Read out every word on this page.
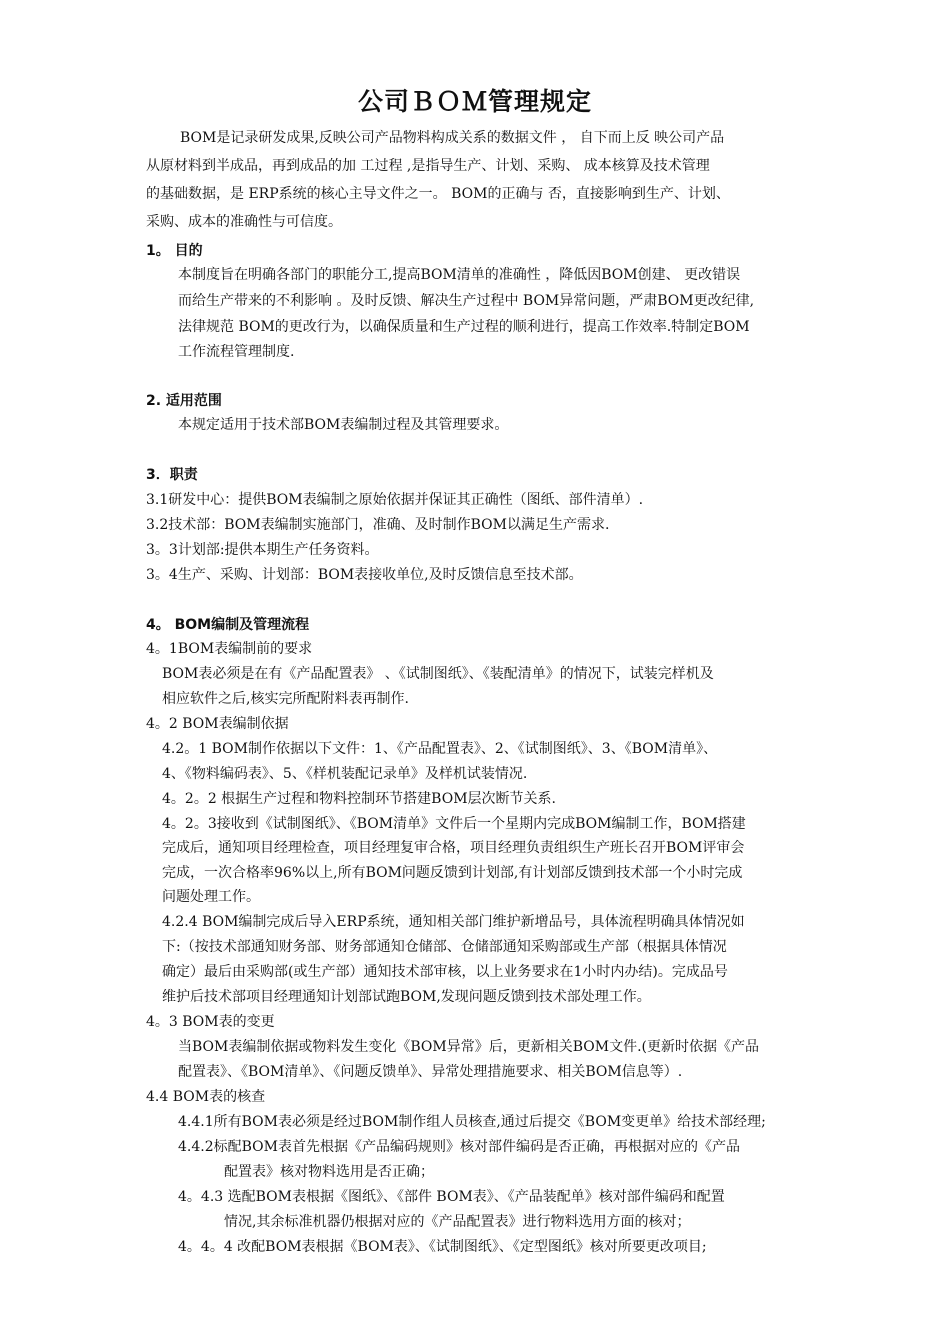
公司ＢＯＭ管理规定
BOM是记录研发成果,反映公司产品物料构成关系的数据文件 ， 自下而上反 映公司产品
从原材料到半成品，再到成品的加 工过程 ,是指导生产、计划、采购、 成本核算及技术管理
的基础数据，是 ERP系统的核心主导文件之一。 BOM的正确与 否，直接影响到生产、计划、
采购、成本的准确性与可信度。
1。 目的
本制度旨在明确各部门的职能分工,提高BOM清单的准确性 ，降低因BOM创建、 更改错误
而给生产带来的不利影响 。及时反馈、解决生产过程中 BOM异常问题，严肃BOM更改纪律,
法律规范 BOM的更改行为，以确保质量和生产过程的顺利进行，提高工作效率.特制定BOM
工作流程管理制度.
2. 适用范围
本规定适用于技术部BOM表编制过程及其管理要求。
3．职责
3.1研发中心：提供BOM表编制之原始依据并保证其正确性（图纸、部件清单）.
3.2技术部：BOM表编制实施部门，准确、及时制作BOM以满足生产需求.
3。3计划部:提供本期生产任务资料。
3。4生产、采购、计划部：BOM表接收单位,及时反馈信息至技术部。
4。 BOM编制及管理流程
4。1BOM表编制前的要求
BOM表必须是在有《产品配置表》 、《试制图纸》、《装配清单》的情况下，试装完样机及
相应软件之后,核实完所配附料表再制作.
4。2 BOM表编制依据
4.2。1 BOM制作依据以下文件：1、《产品配置表》、2、《试制图纸》、3、《BOM清单》、
4、《物料编码表》、5、《样机装配记录单》及样机试装情况.
4。2。2 根据生产过程和物料控制环节搭建BOM层次断节关系.
4。2。3接收到《试制图纸》、《BOM清单》文件后一个星期内完成BOM编制工作，BOM搭建
完成后，通知项目经理检查，项目经理复审合格，项目经理负责组织生产班长召开BOM评审会
完成，一次合格率96%以上,所有BOM问题反馈到计划部,有计划部反馈到技术部一个小时完成
问题处理工作。
4.2.4 BOM编制完成后导入ERP系统，通知相关部门维护新增品号，具体流程明确具体情况如
下:（按技术部通知财务部、财务部通知仓储部、仓储部通知采购部或生产部（根据具体情况
确定）最后由采购部(或生产部）通知技术部审核，以上业务要求在1小时内办结)。完成品号
维护后技术部项目经理通知计划部试跑BOM,发现问题反馈到技术部处理工作。
4。3 BOM表的变更
当BOM表编制依据或物料发生变化《BOM异常》后，更新相关BOM文件.(更新时依据《产品
配置表》、《BOM清单》、《问题反馈单》、异常处理措施要求、相关BOM信息等）.
4.4 BOM表的核查
4.4.1所有BOM表必须是经过BOM制作组人员核查,通过后提交《BOM变更单》给技术部经理;
4.4.2标配BOM表首先根据《产品编码规则》核对部件编码是否正确，再根据对应的《产品
配置表》核对物料选用是否正确；
4。4.3 选配BOM表根据《图纸》、《部件 BOM表》、《产品装配单》核对部件编码和配置
情况,其余标准机器仍根据对应的《产品配置表》进行物料选用方面的核对；
4。4。4 改配BOM表根据《BOM表》、《试制图纸》、《定型图纸》核对所要更改项目;
